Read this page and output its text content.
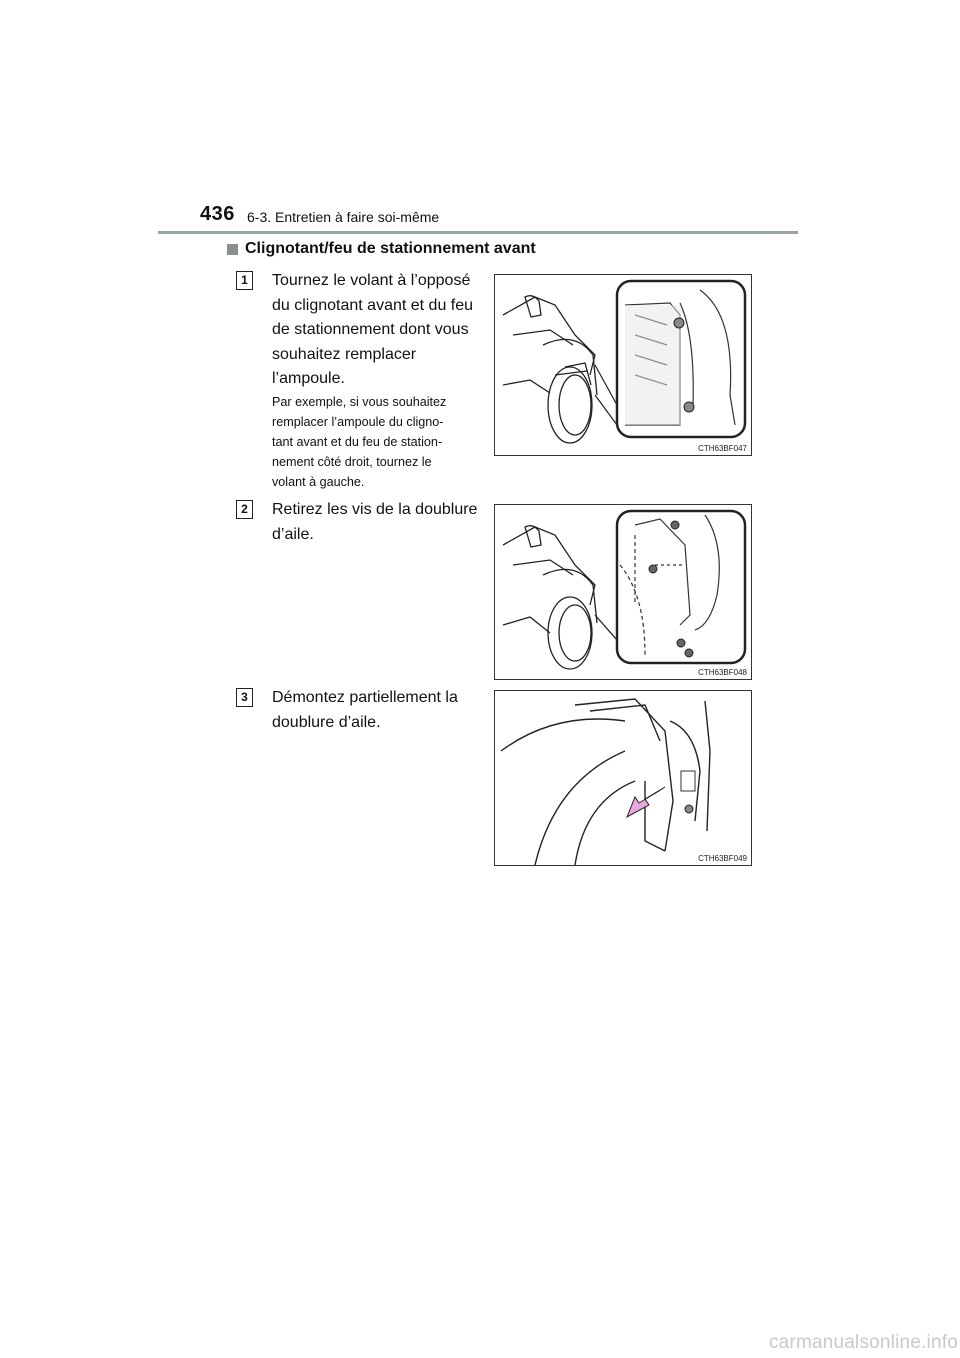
436 6-3. Entretien à faire soi-même
Clignotant/feu de stationnement avant
1	Tournez le volant à l’opposé
du clignotant avant et du feu
de stationnement dont vous
souhaitez remplacer
l’ampoule.
Par exemple, si vous souhaitez
remplacer l’ampoule du cligno-
tant avant et du feu de station-
nement côté droit, tournez le
volant à gauche.
CTH63BF047
2	Retirez les vis de la doublure
d’aile.
CTH63BF048
3	Démontez partiellement la
doublure d’aile.
CTH63BF049
carmanualsonline.info
